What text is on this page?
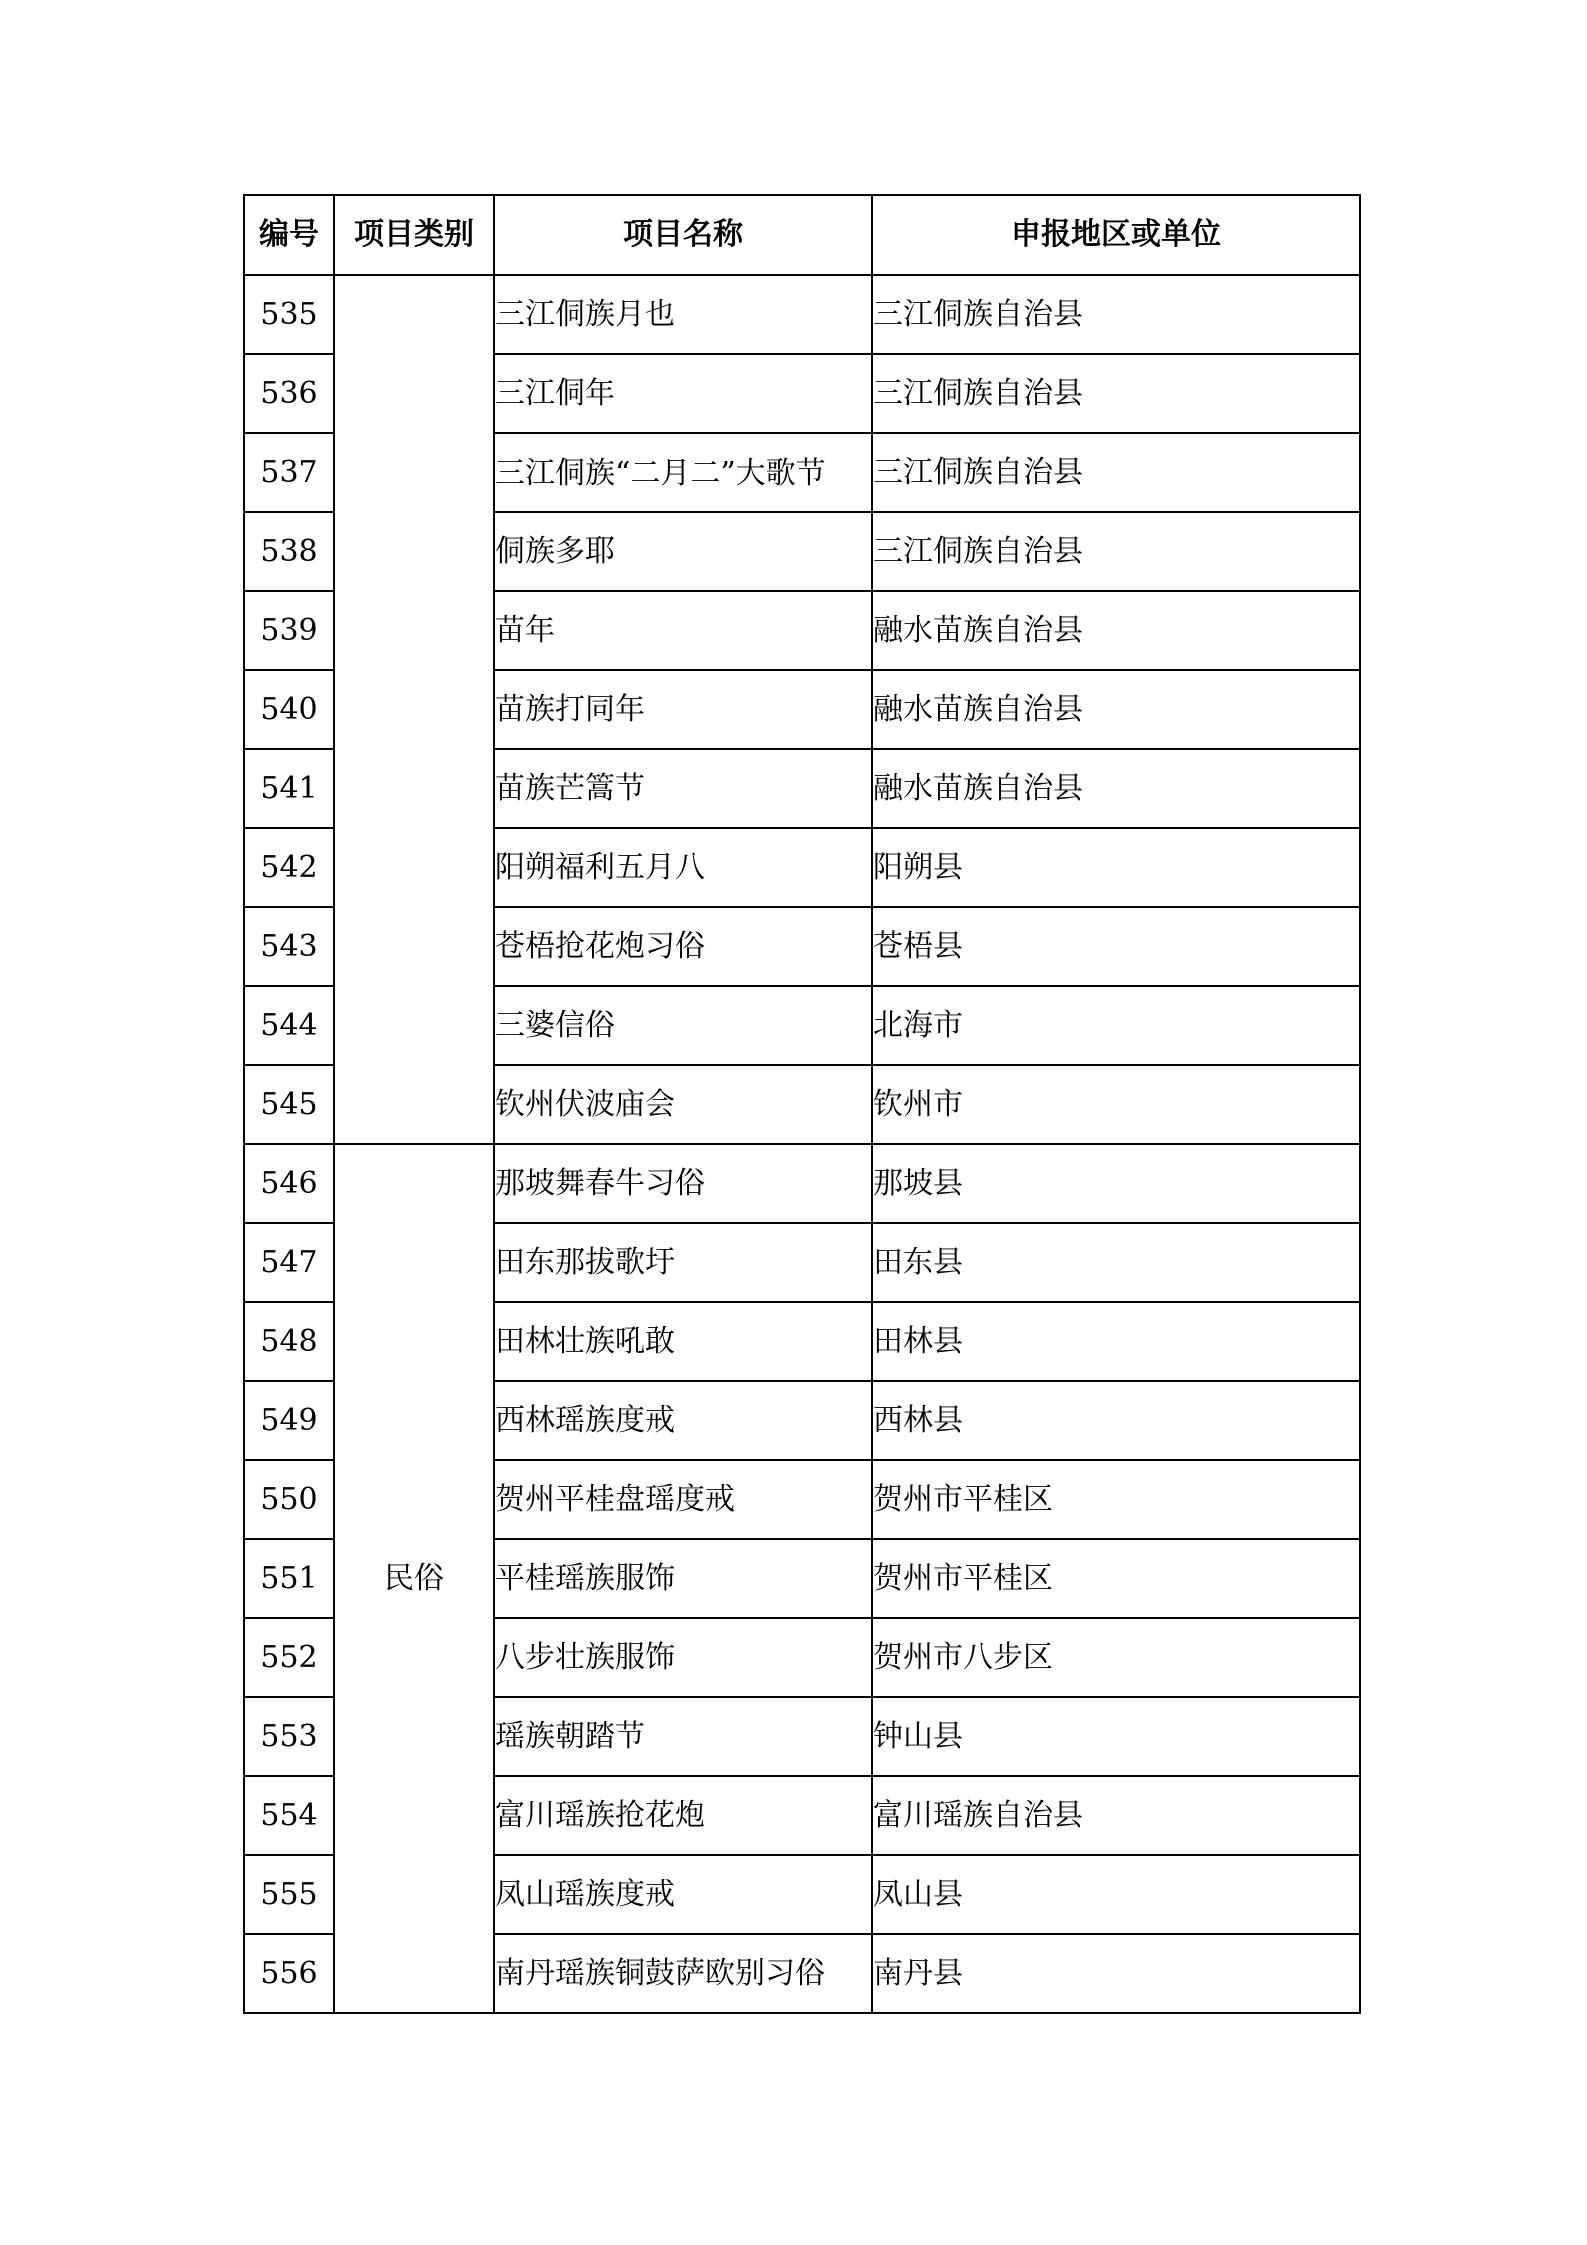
编号	项目类别	项目名称	申报地区或单位
535		三江侗族月也	三江侗族自治县
536		三江侗年	三江侗族自治县
537		三江侗族“二月二”大歌节	三江侗族自治县
538		侗族多耶	三江侗族自治县
539		苗年	融水苗族自治县
540		苗族打同年	融水苗族自治县
541		苗族芒篙节	融水苗族自治县
542		阳朔福利五月八	阳朔县
543		苍梧抢花炮习俗	苍梧县
544		三婆信俗	北海市
545		钦州伏波庙会	钦州市
546	民俗	那坡舞春牛习俗	那坡县
547		田东那拔歌圩	田东县
548		田林壮族吼敢	田林县
549		西林瑶族度戒	西林县
550		贺州平桂盘瑶度戒	贺州市平桂区
551		平桂瑶族服饰	贺州市平桂区
552		八步壮族服饰	贺州市八步区
553		瑶族朝踏节	钟山县
554		富川瑶族抢花炮	富川瑶族自治县
555		凤山瑶族度戒	凤山县
556		南丹瑶族铜鼓萨欧别习俗	南丹县
